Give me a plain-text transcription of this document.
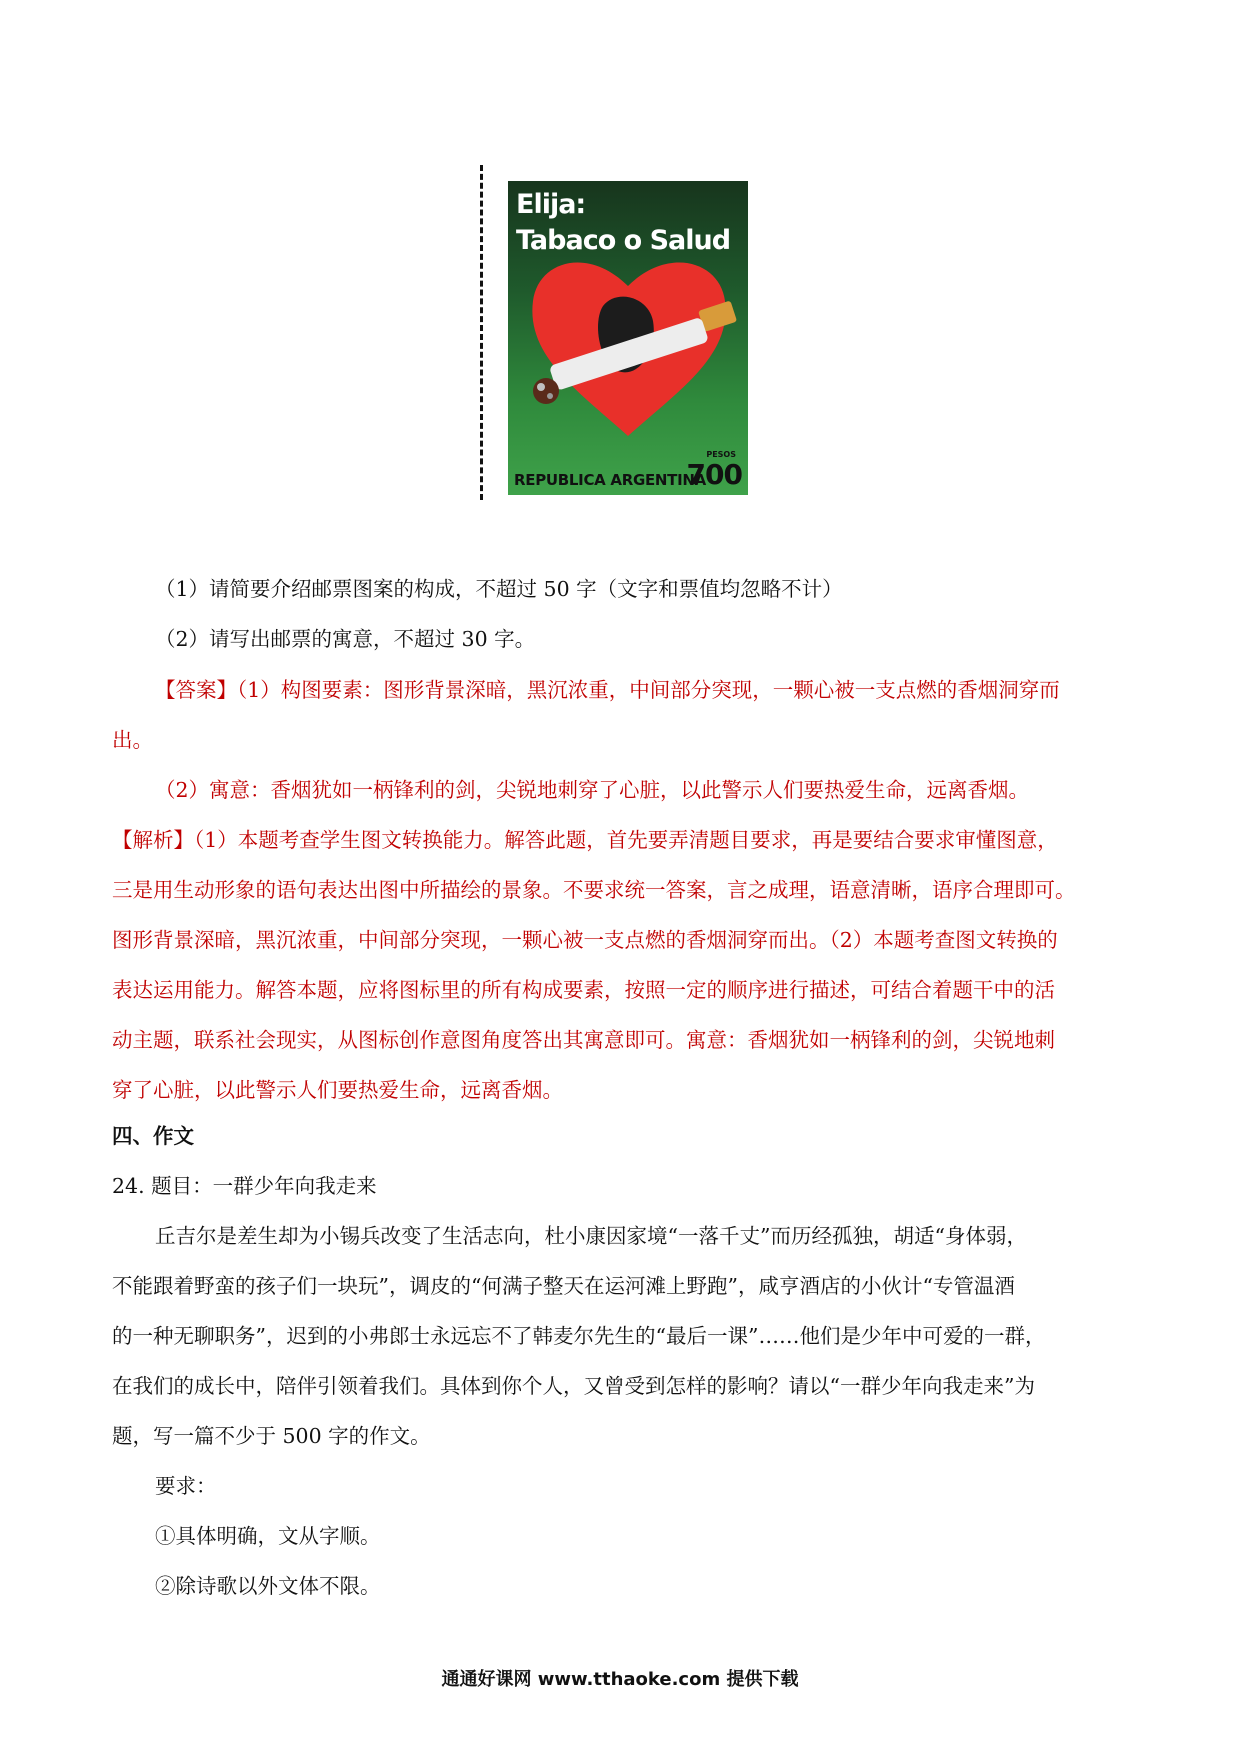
Elija:
Tabaco o Salud
PESOS
REPUBLICA ARGENTINA
700
（1）请简要介绍邮票图案的构成，不超过 50 字（文字和票值均忽略不计）
（2）请写出邮票的寓意，不超过 30 字。
【答案】（1）构图要素：图形背景深暗，黑沉浓重，中间部分突现，一颗心被一支点燃的香烟洞穿而
出。
（2）寓意：香烟犹如一柄锋利的剑，尖锐地刺穿了心脏，以此警示人们要热爱生命，远离香烟。
【解析】（1）本题考查学生图文转换能力。解答此题，首先要弄清题目要求，再是要结合要求审懂图意，
三是用生动形象的语句表达出图中所描绘的景象。不要求统一答案，言之成理，语意清晰，语序合理即可。
图形背景深暗，黑沉浓重，中间部分突现，一颗心被一支点燃的香烟洞穿而出。（2）本题考查图文转换的
表达运用能力。解答本题，应将图标里的所有构成要素，按照一定的顺序进行描述，可结合着题干中的活
动主题，联系社会现实，从图标创作意图角度答出其寓意即可。寓意：香烟犹如一柄锋利的剑，尖锐地刺
穿了心脏，以此警示人们要热爱生命，远离香烟。
四、作文
24. 题目：一群少年向我走来
丘吉尔是差生却为小锡兵改变了生活志向，杜小康因家境“一落千丈”而历经孤独，胡适“身体弱，
不能跟着野蛮的孩子们一块玩”，调皮的“何满子整天在运河滩上野跑”，咸亨酒店的小伙计“专管温酒
的一种无聊职务”，迟到的小弗郎士永远忘不了韩麦尔先生的“最后一课”……他们是少年中可爱的一群，
在我们的成长中，陪伴引领着我们。具体到你个人，又曾受到怎样的影响？请以“一群少年向我走来”为
题，写一篇不少于 500 字的作文。
要求：
①具体明确，文从字顺。
②除诗歌以外文体不限。
通通好课网 www.tthaoke.com 提供下载
